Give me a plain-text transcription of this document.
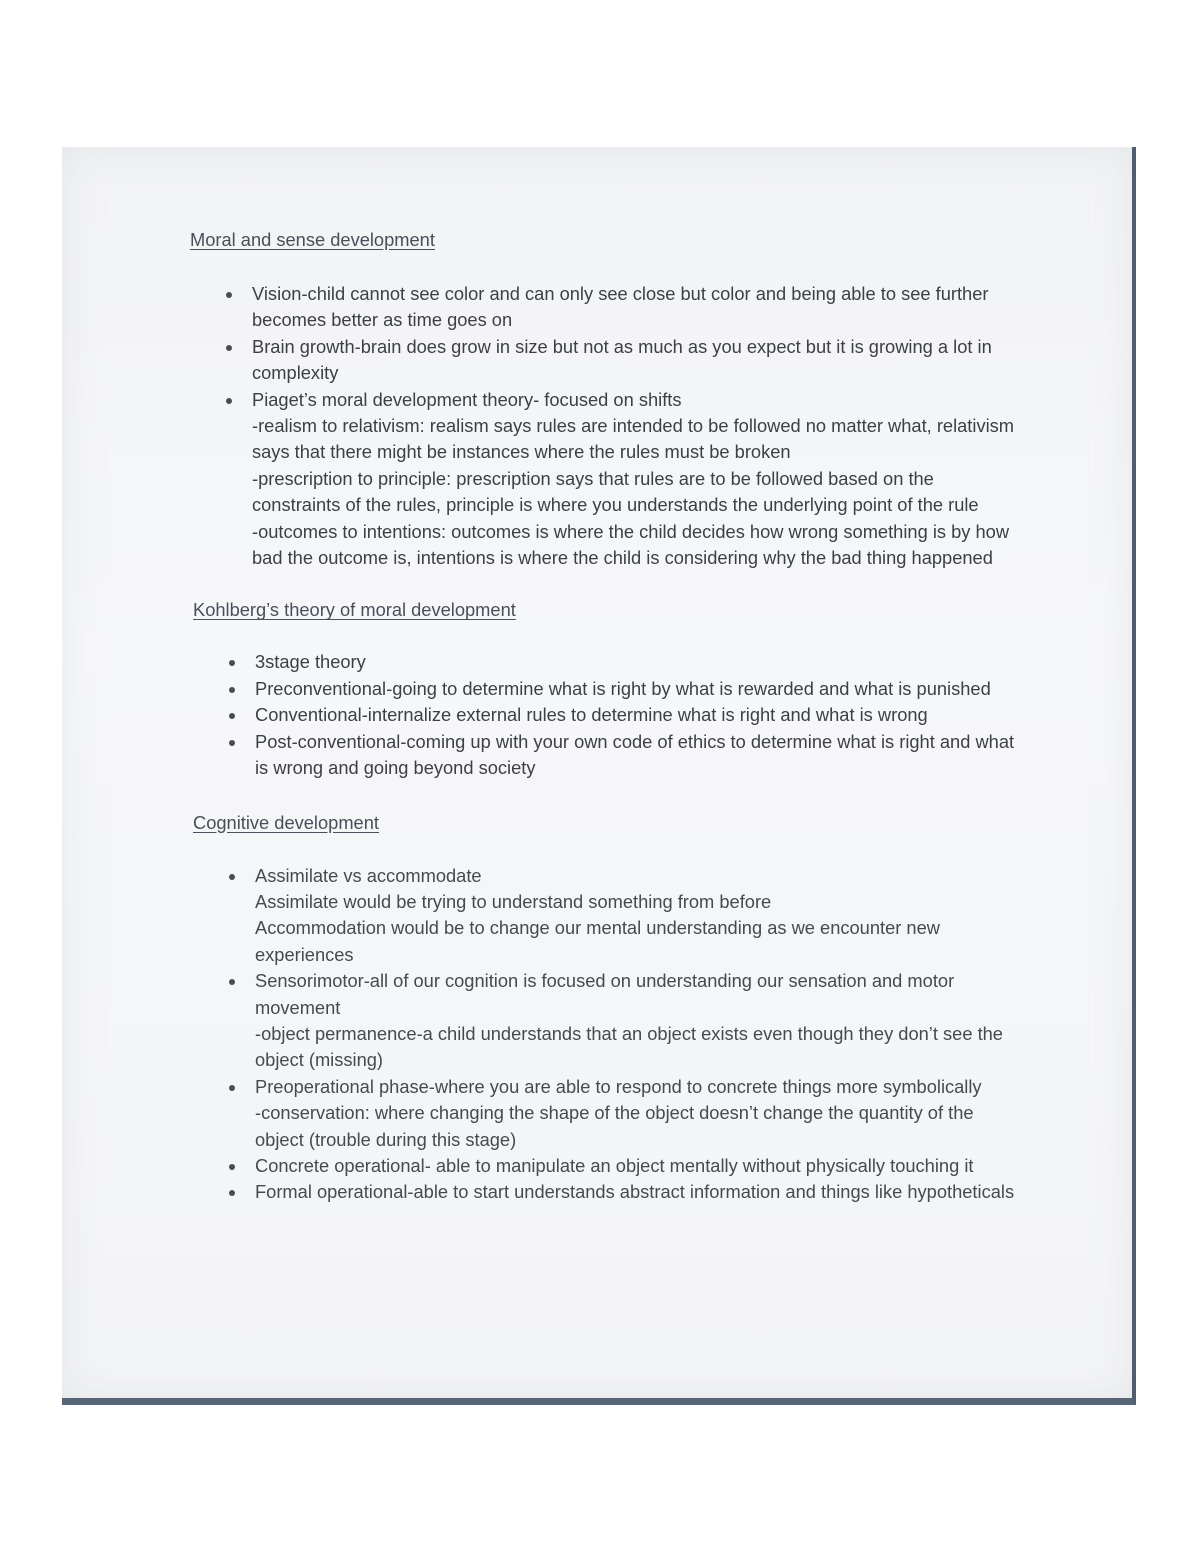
Moral and sense development
Vision-child cannot see color and can only see close but color and being able to see further becomes better as time goes on
Brain growth-brain does grow in size but not as much as you expect but it is growing a lot in complexity
Piaget’s moral development theory- focused on shifts
-realism to relativism: realism says rules are intended to be followed no matter what, relativism says that there might be instances where the rules must be broken
-prescription to principle: prescription says that rules are to be followed based on the constraints of the rules, principle is where you understands the underlying point of the rule
-outcomes to intentions: outcomes is where the child decides how wrong something is by how bad the outcome is, intentions is where the child is considering why the bad thing happened
Kohlberg’s theory of moral development
3stage theory
Preconventional-going to determine what is right by what is rewarded and what is punished
Conventional-internalize external rules to determine what is right and what is wrong
Post-conventional-coming up with your own code of ethics to determine what is right and what is wrong and going beyond society
Cognitive development
Assimilate vs accommodate
Assimilate would be trying to understand something from before
Accommodation would be to change our mental understanding as we encounter new experiences
Sensorimotor-all of our cognition is focused on understanding our sensation and motor movement
-object permanence-a child understands that an object exists even though they don’t see the object (missing)
Preoperational phase-where you are able to respond to concrete things more symbolically
-conservation: where changing the shape of the object doesn’t change the quantity of the object (trouble during this stage)
Concrete operational- able to manipulate an object mentally without physically touching it
Formal operational-able to start understands abstract information and things like hypotheticals
